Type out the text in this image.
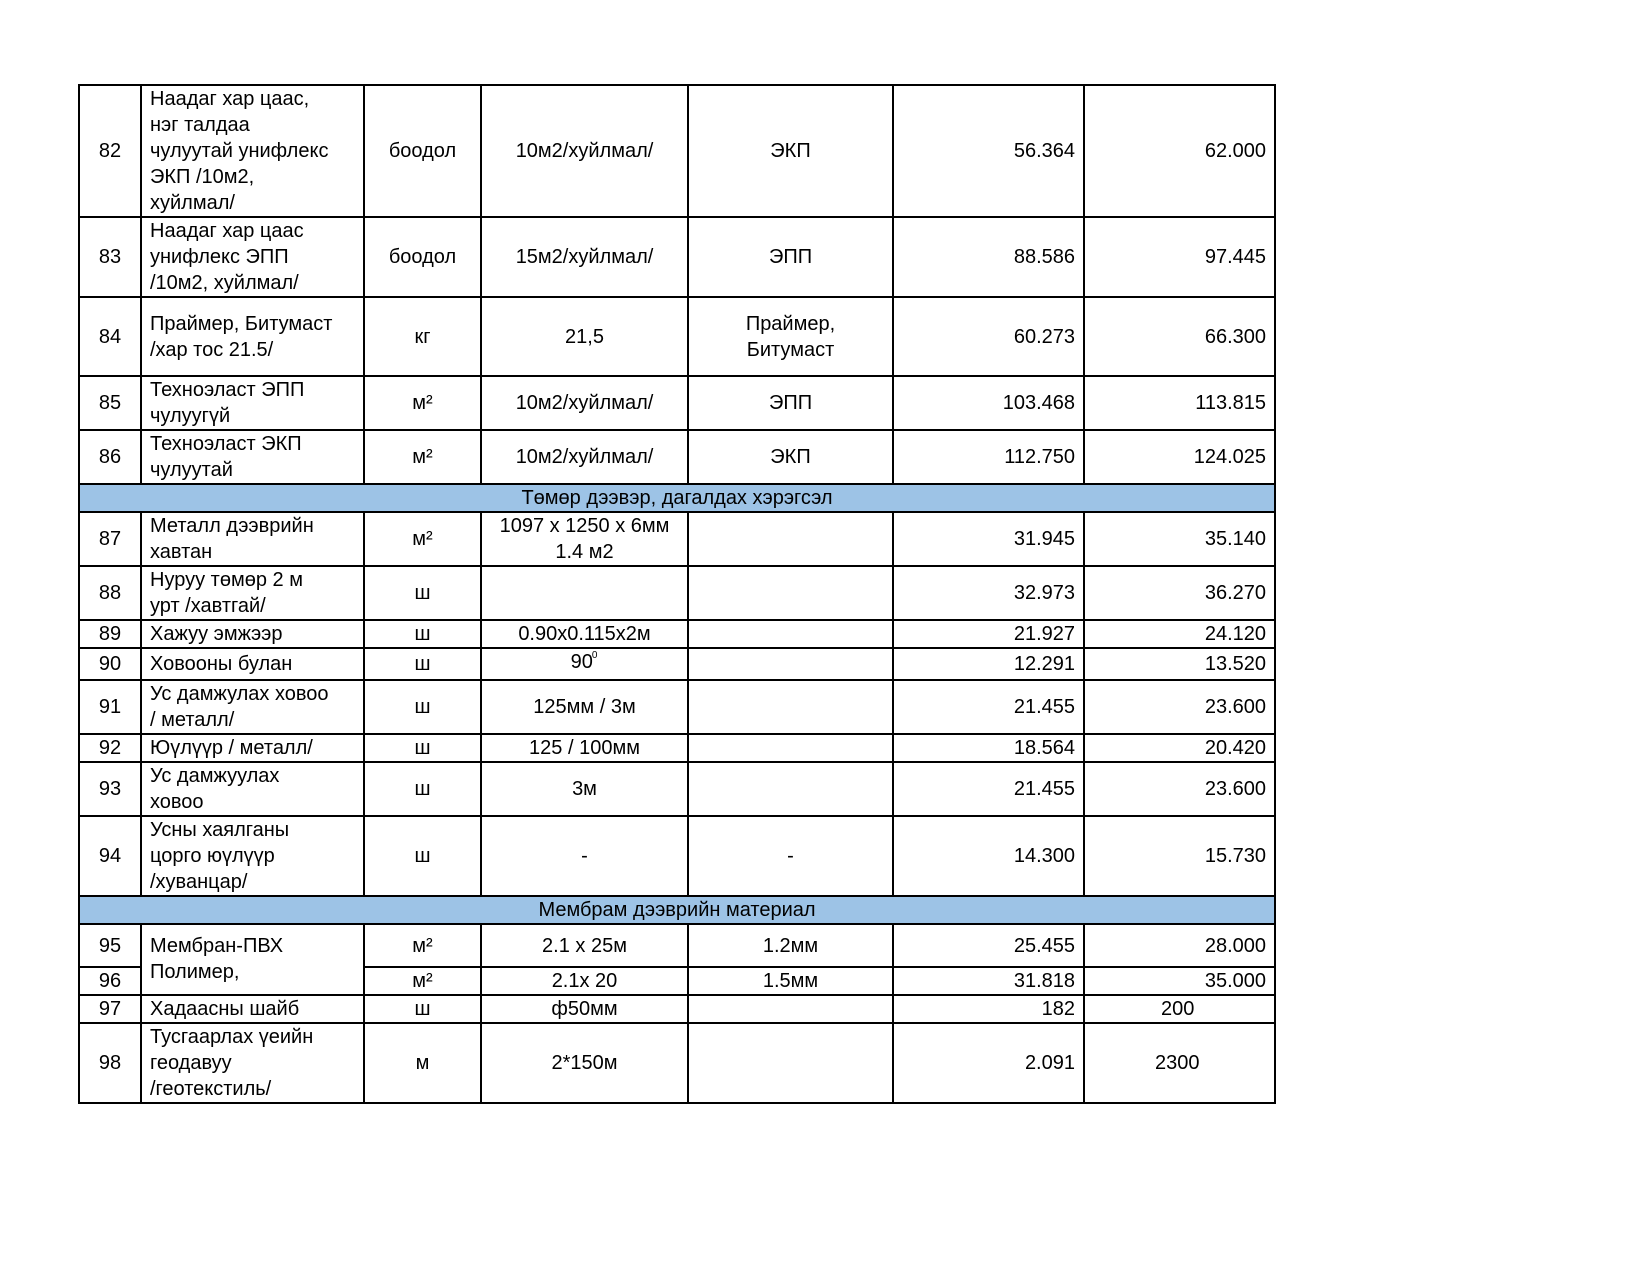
82	Наадаг хар цаас,
нэг талдаа
чулуутай унифлекс
ЭКП /10м2,
хуйлмал/	боодол	10м2/хуйлмал/	ЭКП	56.364	62.000
83	Наадаг хар цаас
унифлекс ЭПП
/10м2, хуйлмал/	боодол	15м2/хуйлмал/	ЭПП	88.586	97.445
84	Праймер, Битумаст
/хар тос 21.5/	кг	21,5	Праймер,
Битумаст	60.273	66.300
85	Техноэласт ЭПП
чулуугүй	м²	10м2/хуйлмал/	ЭПП	103.468	113.815
86	Техноэласт ЭКП
чулуутай	м²	10м2/хуйлмал/	ЭКП	112.750	124.025
Төмөр дээвэр, дагалдах хэрэгсэл						
87	Металл дээврийн
хавтан	м²	1097 x 1250 x 6мм
1.4 м2		31.945	35.140
88	Нуруу төмөр 2 м
урт /хавтгай/	ш			32.973	36.270
89	Хажуу эмжээр	ш	0.90x0.115x2м		21.927	24.120
90	Ховооны булан	ш	$90^0$		12.291	13.520
91	Ус дамжулах ховоо
/ металл/	ш	125мм / 3м		21.455	23.600
92	Юүлүүр / металл/	ш	125 / 100мм		18.564	20.420
93	Ус дамжуулах
ховоо	ш	3м		21.455	23.600
94	Усны хаялганы
цорго юүлүүр
/хуванцар/	ш	-	-	14.300	15.730
Мембрам дээврийн материал						
95	Мембран-ПВХ
Полимер,	м²	2.1 x 25м	1.2мм	25.455	28.000
96		м²	2.1x 20	1.5мм	31.818	35.000
97	Хадаасны шайб	ш	ф50мм		182	200
98	Тусгаарлах үеийн
геодавуу
/геотекстиль/	м	2*150м		2.091	2300
